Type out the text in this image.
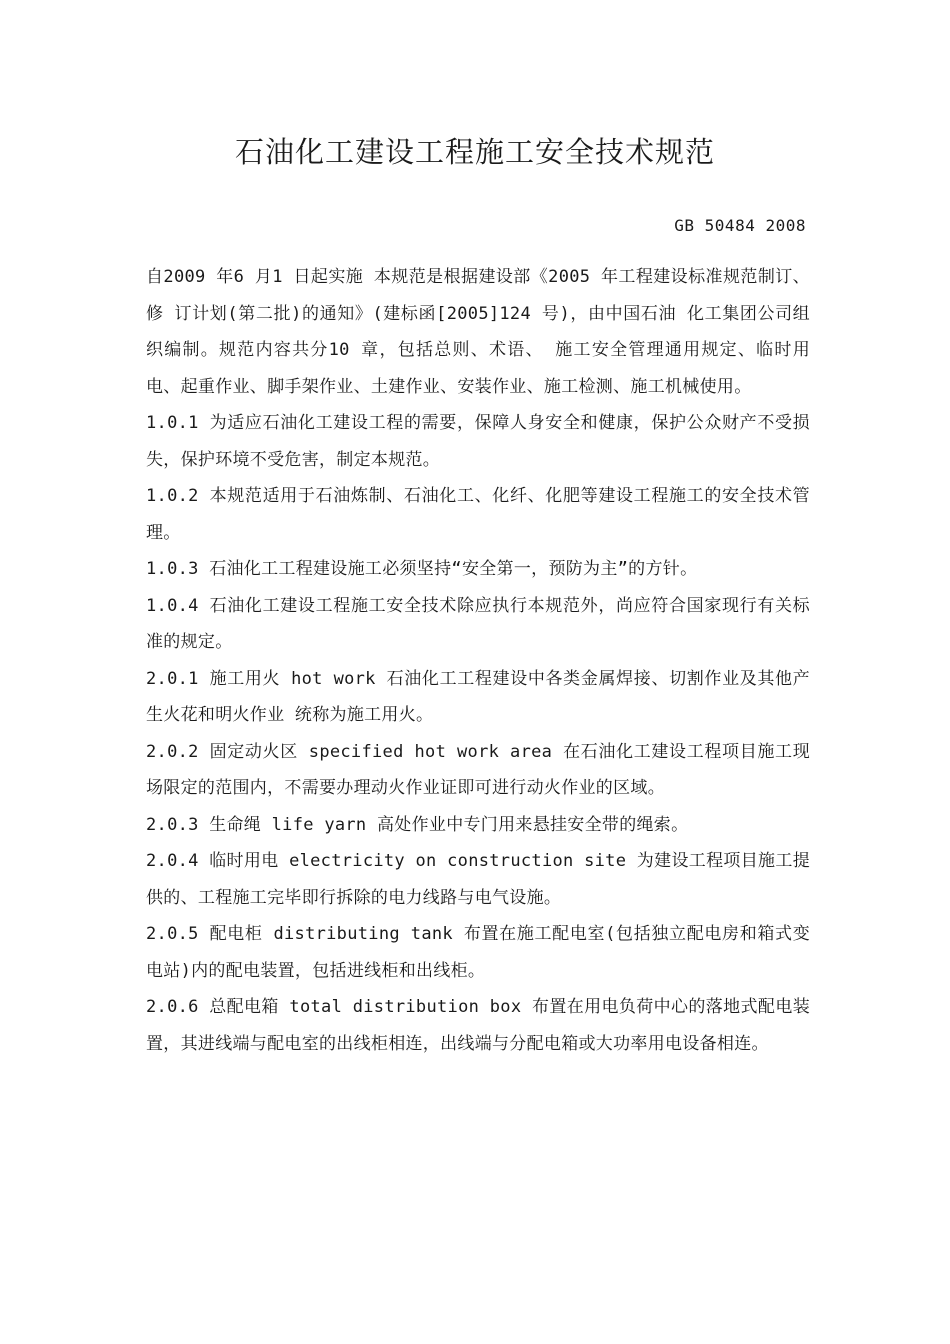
石油化工建设工程施工安全技术规范
GB 50484 2008

自2009 年6 月1 日起实施 本规范是根据建设部《2005 年工程建设标准规范制订、修 订计划(第二批)的通知》(建标函[2005]124 号)，由中国石油 化工集团公司组织编制。规范内容共分10 章，包括总则、术语、 施工安全管理通用规定、临时用电、起重作业、脚手架作业、土建作业、安装作业、施工检测、施工机械使用。

1.0.1 为适应石油化工建设工程的需要，保障人身安全和健康，保护公众财产不受损失，保护环境不受危害，制定本规范。

1.0.2 本规范适用于石油炼制、石油化工、化纤、化肥等建设工程施工的安全技术管理。

1.0.3 石油化工工程建设施工必须坚持“安全第一，预防为主”的方针。

1.0.4 石油化工建设工程施工安全技术除应执行本规范外，尚应符合国家现行有关标准的规定。

2.0.1 施工用火 hot work 石油化工工程建设中各类金属焊接、切割作业及其他产生火花和明火作业 统称为施工用火。

2.0.2 固定动火区 specified hot work area 在石油化工建设工程项目施工现场限定的范围内，不需要办理动火作业证即可进行动火作业的区域。

2.0.3 生命绳 life yarn 高处作业中专门用来悬挂安全带的绳索。

2.0.4 临时用电 electricity on construction site 为建设工程项目施工提供的、工程施工完毕即行拆除的电力线路与电气设施。

2.0.5 配电柜 distributing tank 布置在施工配电室(包括独立配电房和箱式变电站)内的配电装置，包括进线柜和出线柜。

2.0.6 总配电箱 total distribution box 布置在用电负荷中心的落地式配电装置，其进线端与配电室的出线柜相连，出线端与分配电箱或大功率用电设备相连。
